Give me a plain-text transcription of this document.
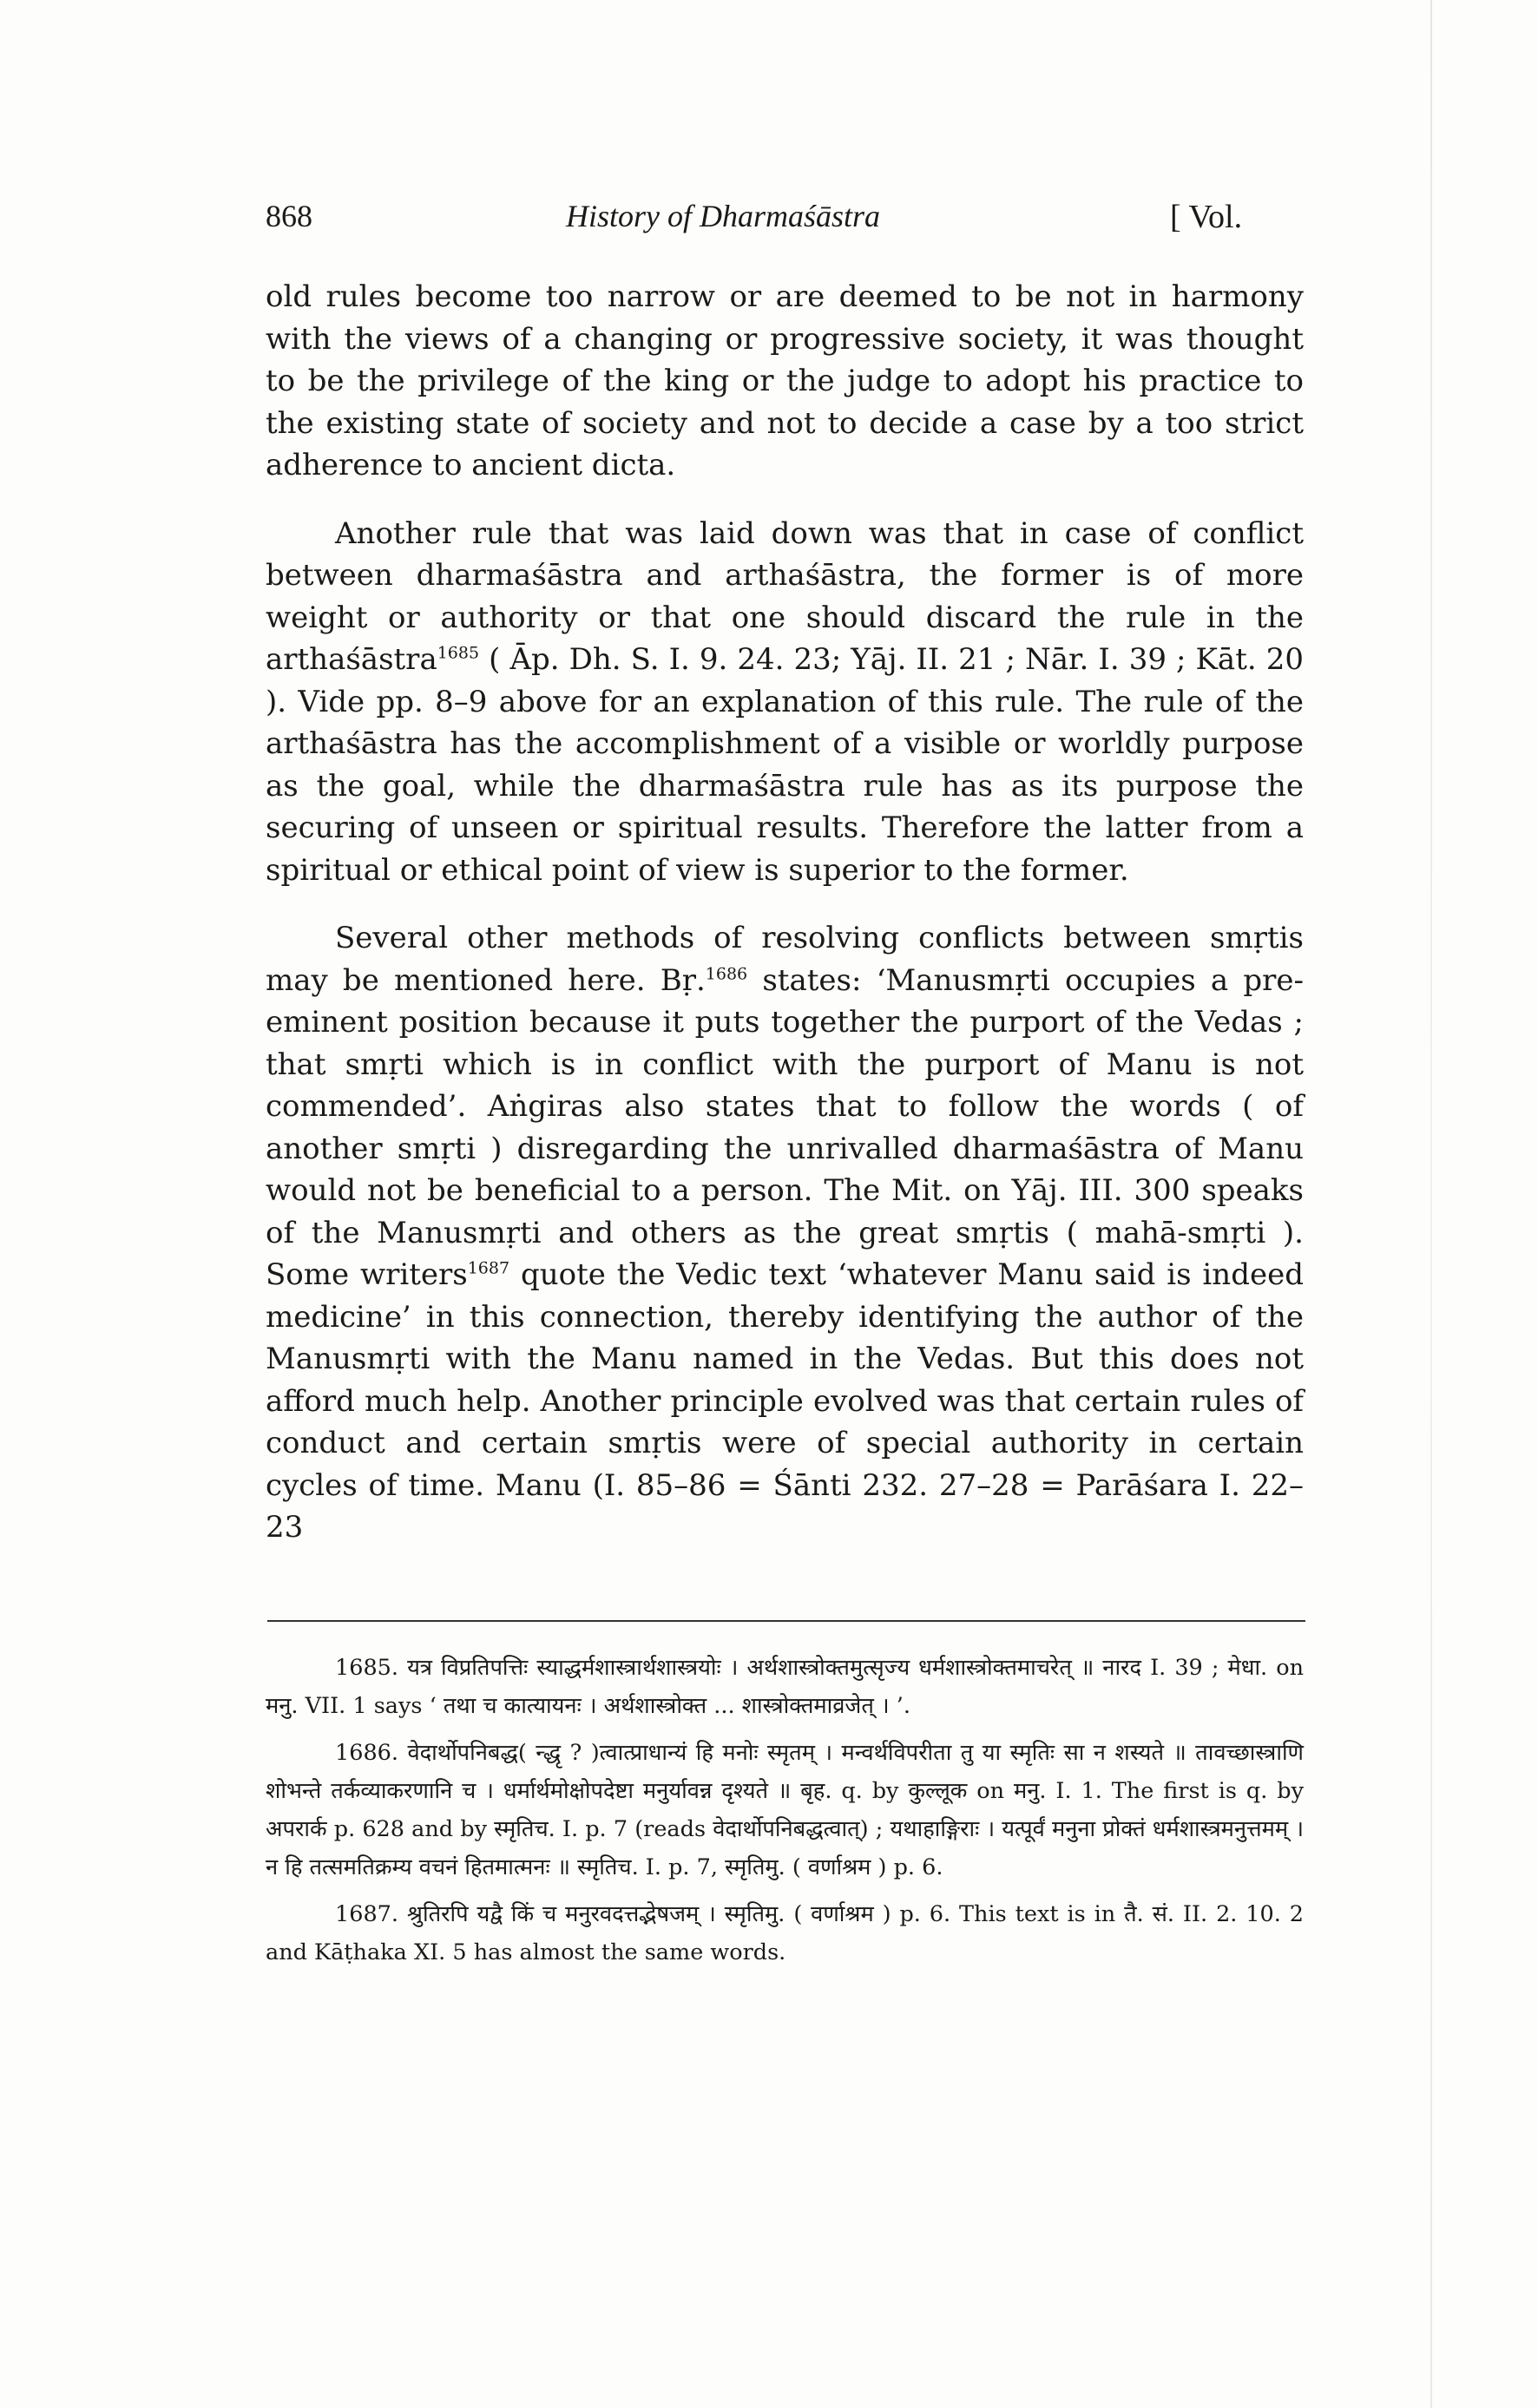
868	History of Dharmaśāstra	[ Vol.

old rules become too narrow or are deemed to be not in harmony with the views of a changing or progressive society, it was thought to be the privilege of the king or the judge to adopt his practice to the existing state of society and not to decide a case by a too strict adherence to ancient dicta.

Another rule that was laid down was that in case of conflict between dharmaśāstra and arthaśāstra, the former is of more weight or authority or that one should discard the rule in the arthaśāstra$^{1685}$ ( Āp. Dh. S. I. 9. 24. 23; Yāj. II. 21 ; Nār. I. 39 ; Kāt. 20 ). Vide pp. 8–9 above for an explanation of this rule. The rule of the arthaśāstra has the accomplishment of a visible or worldly purpose as the goal, while the dharmaśāstra rule has as its purpose the securing of unseen or spiritual results. Therefore the latter from a spiritual or ethical point of view is superior to the former.

Several other methods of resolving conflicts between smṛtis may be mentioned here. Bṛ.$^{1686}$ states: ‘Manusmṛti occupies a pre-eminent position because it puts together the purport of the Vedas ; that smṛti which is in conflict with the purport of Manu is not commended’. Aṅgiras also states that to follow the words ( of another smṛti ) disregarding the unrivalled dharmaśāstra of Manu would not be beneficial to a person. The Mit. on Yāj. III. 300 speaks of the Manusmṛti and others as the great smṛtis ( mahā-smṛti ). Some writers$^{1687}$ quote the Vedic text ‘whatever Manu said is indeed medicine’ in this connection, thereby identifying the author of the Manusmṛti with the Manu named in the Vedas. But this does not afford much help. Another principle evolved was that certain rules of conduct and certain smṛtis were of special authority in certain cycles of time. Manu (I. 85–86 = Śānti 232. 27–28 = Parāśara I. 22–23

1685. यत्र विप्रतिपत्तिः स्याद्धर्मशास्त्रार्थशास्त्रयोः । अर्थशास्त्रोक्तमुत्सृज्य धर्मशास्त्रोक्तमाचरेत् ॥ नारद I. 39 ; मेधा. on मनु. VII. 1 says ‘ तथा च कात्यायनः । अर्थशास्त्रोक्त ... शास्त्रोक्तमाव्रजेत् । ’.

1686. वेदार्थोपनिबद्ध( न्द्धृ ? )त्वात्प्राधान्यं हि मनोः स्मृतम् । मन्वर्थविपरीता तु या स्मृतिः सा न शस्यते ॥ तावच्छास्त्राणि शोभन्ते तर्कव्याकरणानि च । धर्मार्थमोक्षोपदेष्टा मनुर्यावन्न दृश्यते ॥ बृह. q. by कुल्लूक on मनु. I. 1. The first is q. by अपरार्क p. 628 and by स्मृतिच. I. p. 7 (reads वेदार्थोपनिबद्धत्वात्) ; यथाहाङ्गिराः । यत्पूर्वं मनुना प्रोक्तं धर्मशास्त्रमनुत्तमम् । न हि तत्समतिक्रम्य वचनं हितमात्मनः ॥ स्मृतिच. I. p. 7, स्मृतिमु. ( वर्णाश्रम ) p. 6.

1687. श्रुतिरपि यद्वै किं च मनुरवदत्तद्भेषजम् । स्मृतिमु. ( वर्णाश्रम ) p. 6. This text is in तै. सं. II. 2. 10. 2 and Kāṭhaka XI. 5 has almost the same words.
